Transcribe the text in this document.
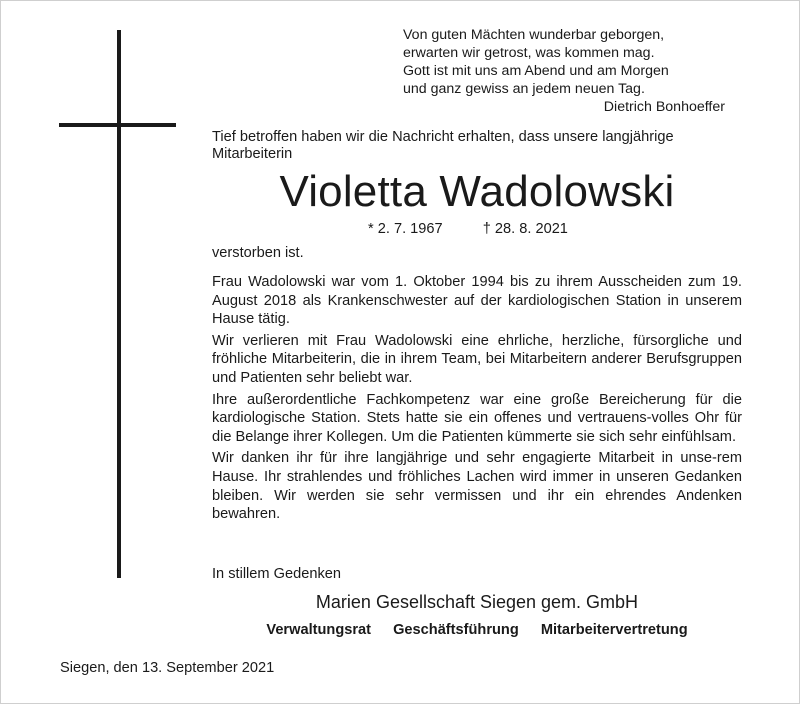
Von guten Mächten wunderbar geborgen,
erwarten wir getrost, was kommen mag.
Gott ist mit uns am Abend und am Morgen
und ganz gewiss an jedem neuen Tag.
Dietrich Bonhoeffer
Tief betroffen haben wir die Nachricht erhalten, dass unsere langjährige Mitarbeiterin
Violetta Wadolowski
* 2. 7. 1967	† 28. 8. 2021
verstorben ist.

Frau Wadolowski war vom 1. Oktober 1994 bis zu ihrem Ausscheiden zum 19. August 2018 als Krankenschwester auf der kardiologischen Station in unserem Hause tätig.

Wir verlieren mit Frau Wadolowski eine ehrliche, herzliche, fürsorgliche und fröhliche Mitarbeiterin, die in ihrem Team, bei Mitarbeitern anderer Berufsgruppen und Patienten sehr beliebt war.

Ihre außerordentliche Fachkompetenz war eine große Bereicherung für die kardiologische Station. Stets hatte sie ein offenes und vertrauens-volles Ohr für die Belange ihrer Kollegen. Um die Patienten kümmerte sie sich sehr einfühlsam.

Wir danken ihr für ihre langjährige und sehr engagierte Mitarbeit in unse-rem Hause. Ihr strahlendes und fröhliches Lachen wird immer in unseren Gedanken bleiben. Wir werden sie sehr vermissen und ihr ein ehrendes Andenken bewahren.

In stillem Gedenken
Marien Gesellschaft Siegen gem. GmbH
Verwaltungsrat Geschäftsführung Mitarbeitervertretung
Siegen, den 13. September 2021
